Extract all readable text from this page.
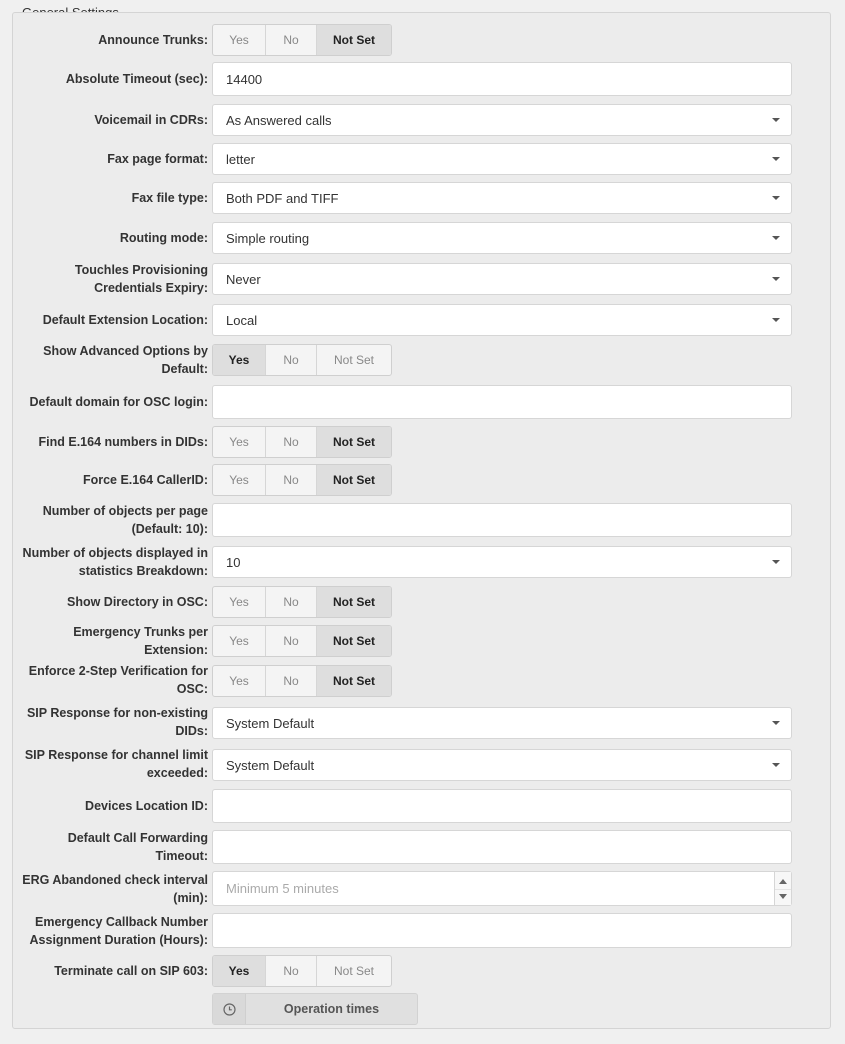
Announce Trunks:	Yes	No	Not Set
Absolute Timeout (sec): 14400
Voicemail in CDRs: As Answered calls
Fax page format: letter
Fax file type: Both PDF and TIFF
Routing mode: Simple routing
Touchles Provisioning Credentials Expiry:
Never
Default Extension Location: Local
Show Advanced Options by Default:
Yes	No	Not Set
Default domain for OSC login:
Find E.164 numbers in DIDs:	Yes	No	Not Set
Force E.164 CallerID:	Yes	No	Not Set
Number of objects per page (Default: 10):
Number of objects displayed in statistics Breakdown:
10
Show Directory in OSC:	Yes	No	Not Set
Emergency Trunks per Extension:
Yes	No	Not Set
Enforce 2-Step Verification for OSC:
Yes	No	Not Set
SIP Response for non-existing DIDs:
System Default
SIP Response for channel limit exceeded:
System Default
Devices Location ID:
Default Call Forwarding Timeout:
ERG Abandoned check interval (min):
Minimum 5 minutes
Emergency Callback Number Assignment Duration (Hours):
Terminate call on SIP 603:	Yes	No	Not Set
Operation times
